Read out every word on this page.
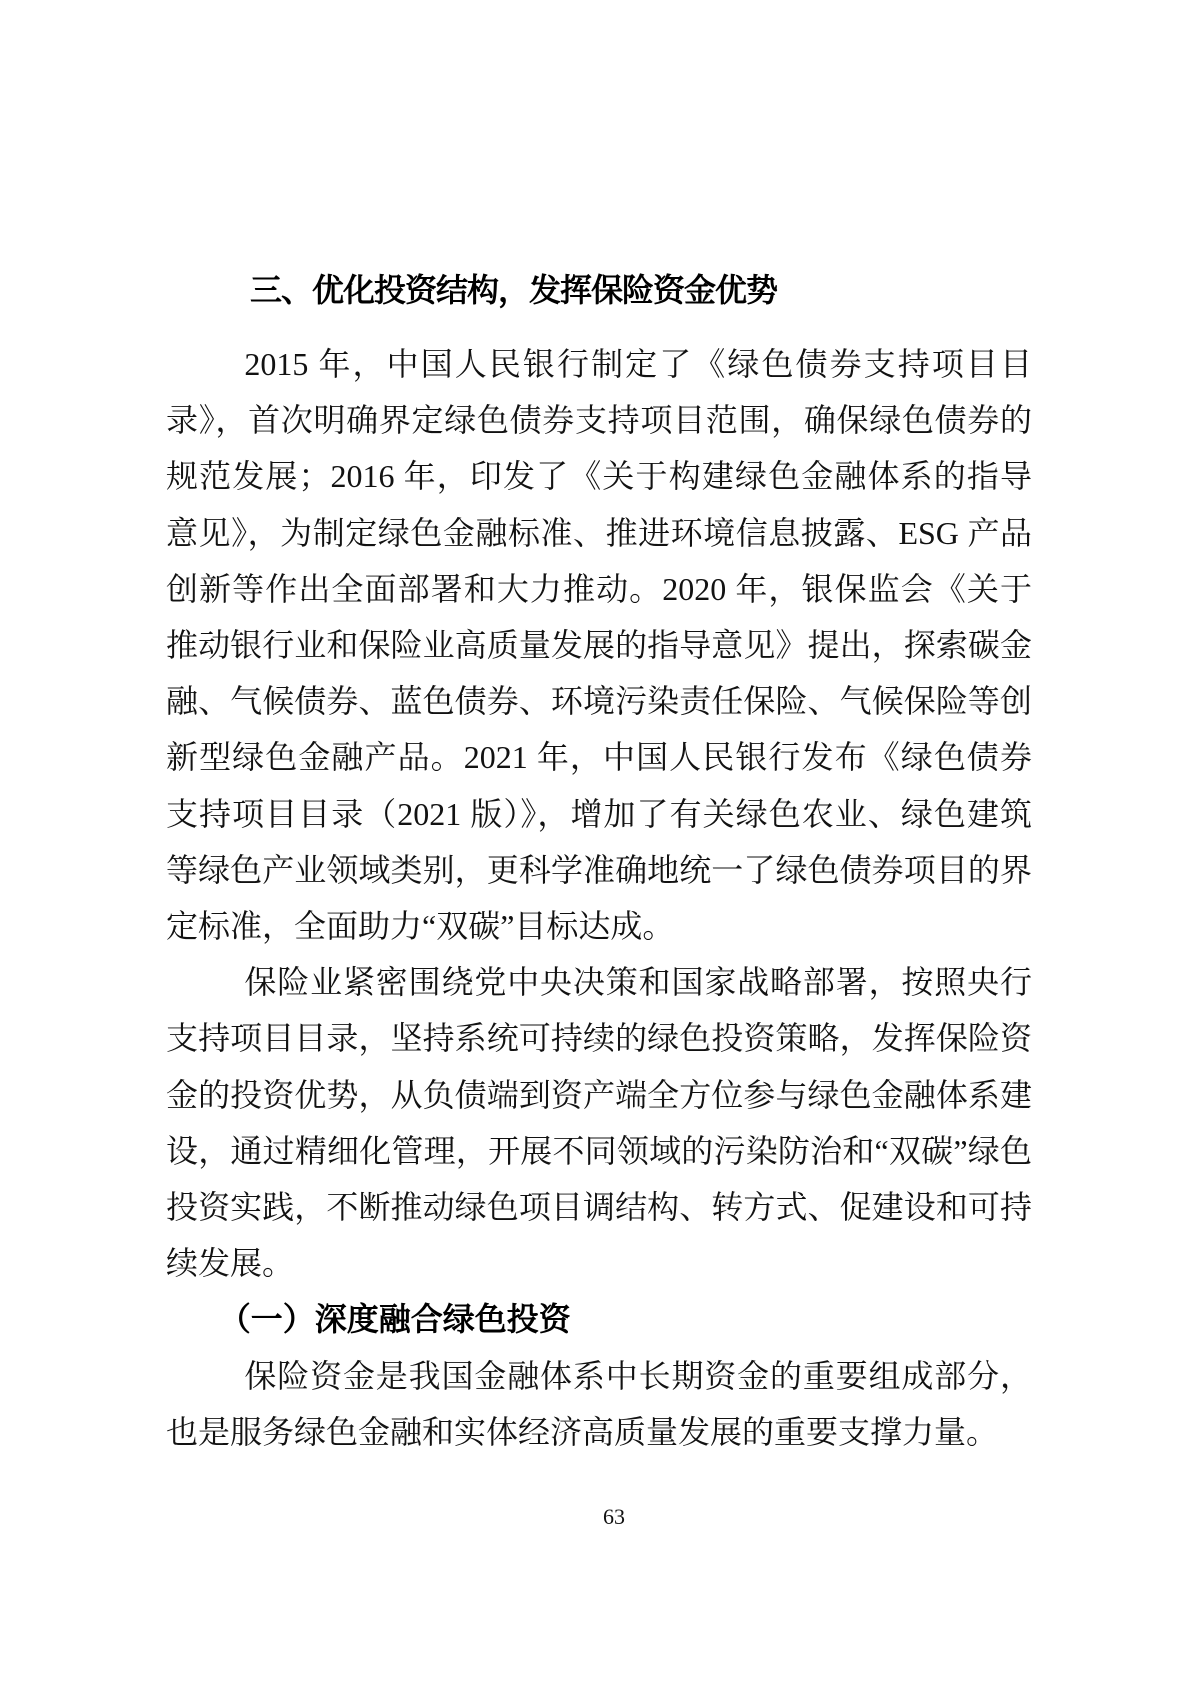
三、优化投资结构，发挥保险资金优势

2015 年，中国人民银行制定了《绿色债券支持项目目录》，首次明确界定绿色债券支持项目范围，确保绿色债券的规范发展；2016 年，印发了《关于构建绿色金融体系的指导意见》，为制定绿色金融标准、推进环境信息披露、ESG 产品创新等作出全面部署和大力推动。2020 年，银保监会《关于推动银行业和保险业高质量发展的指导意见》提出，探索碳金融、气候债券、蓝色债券、环境污染责任保险、气候保险等创新型绿色金融产品。2021 年，中国人民银行发布《绿色债券支持项目目录（2021 版）》，增加了有关绿色农业、绿色建筑等绿色产业领域类别，更科学准确地统一了绿色债券项目的界定标准，全面助力“双碳”目标达成。

保险业紧密围绕党中央决策和国家战略部署，按照央行支持项目目录，坚持系统可持续的绿色投资策略，发挥保险资金的投资优势，从负债端到资产端全方位参与绿色金融体系建设，通过精细化管理，开展不同领域的污染防治和“双碳”绿色投资实践，不断推动绿色项目调结构、转方式、促建设和可持续发展。

（一）深度融合绿色投资

保险资金是我国金融体系中长期资金的重要组成部分，也是服务绿色金融和实体经济高质量发展的重要支撑力量。

63
